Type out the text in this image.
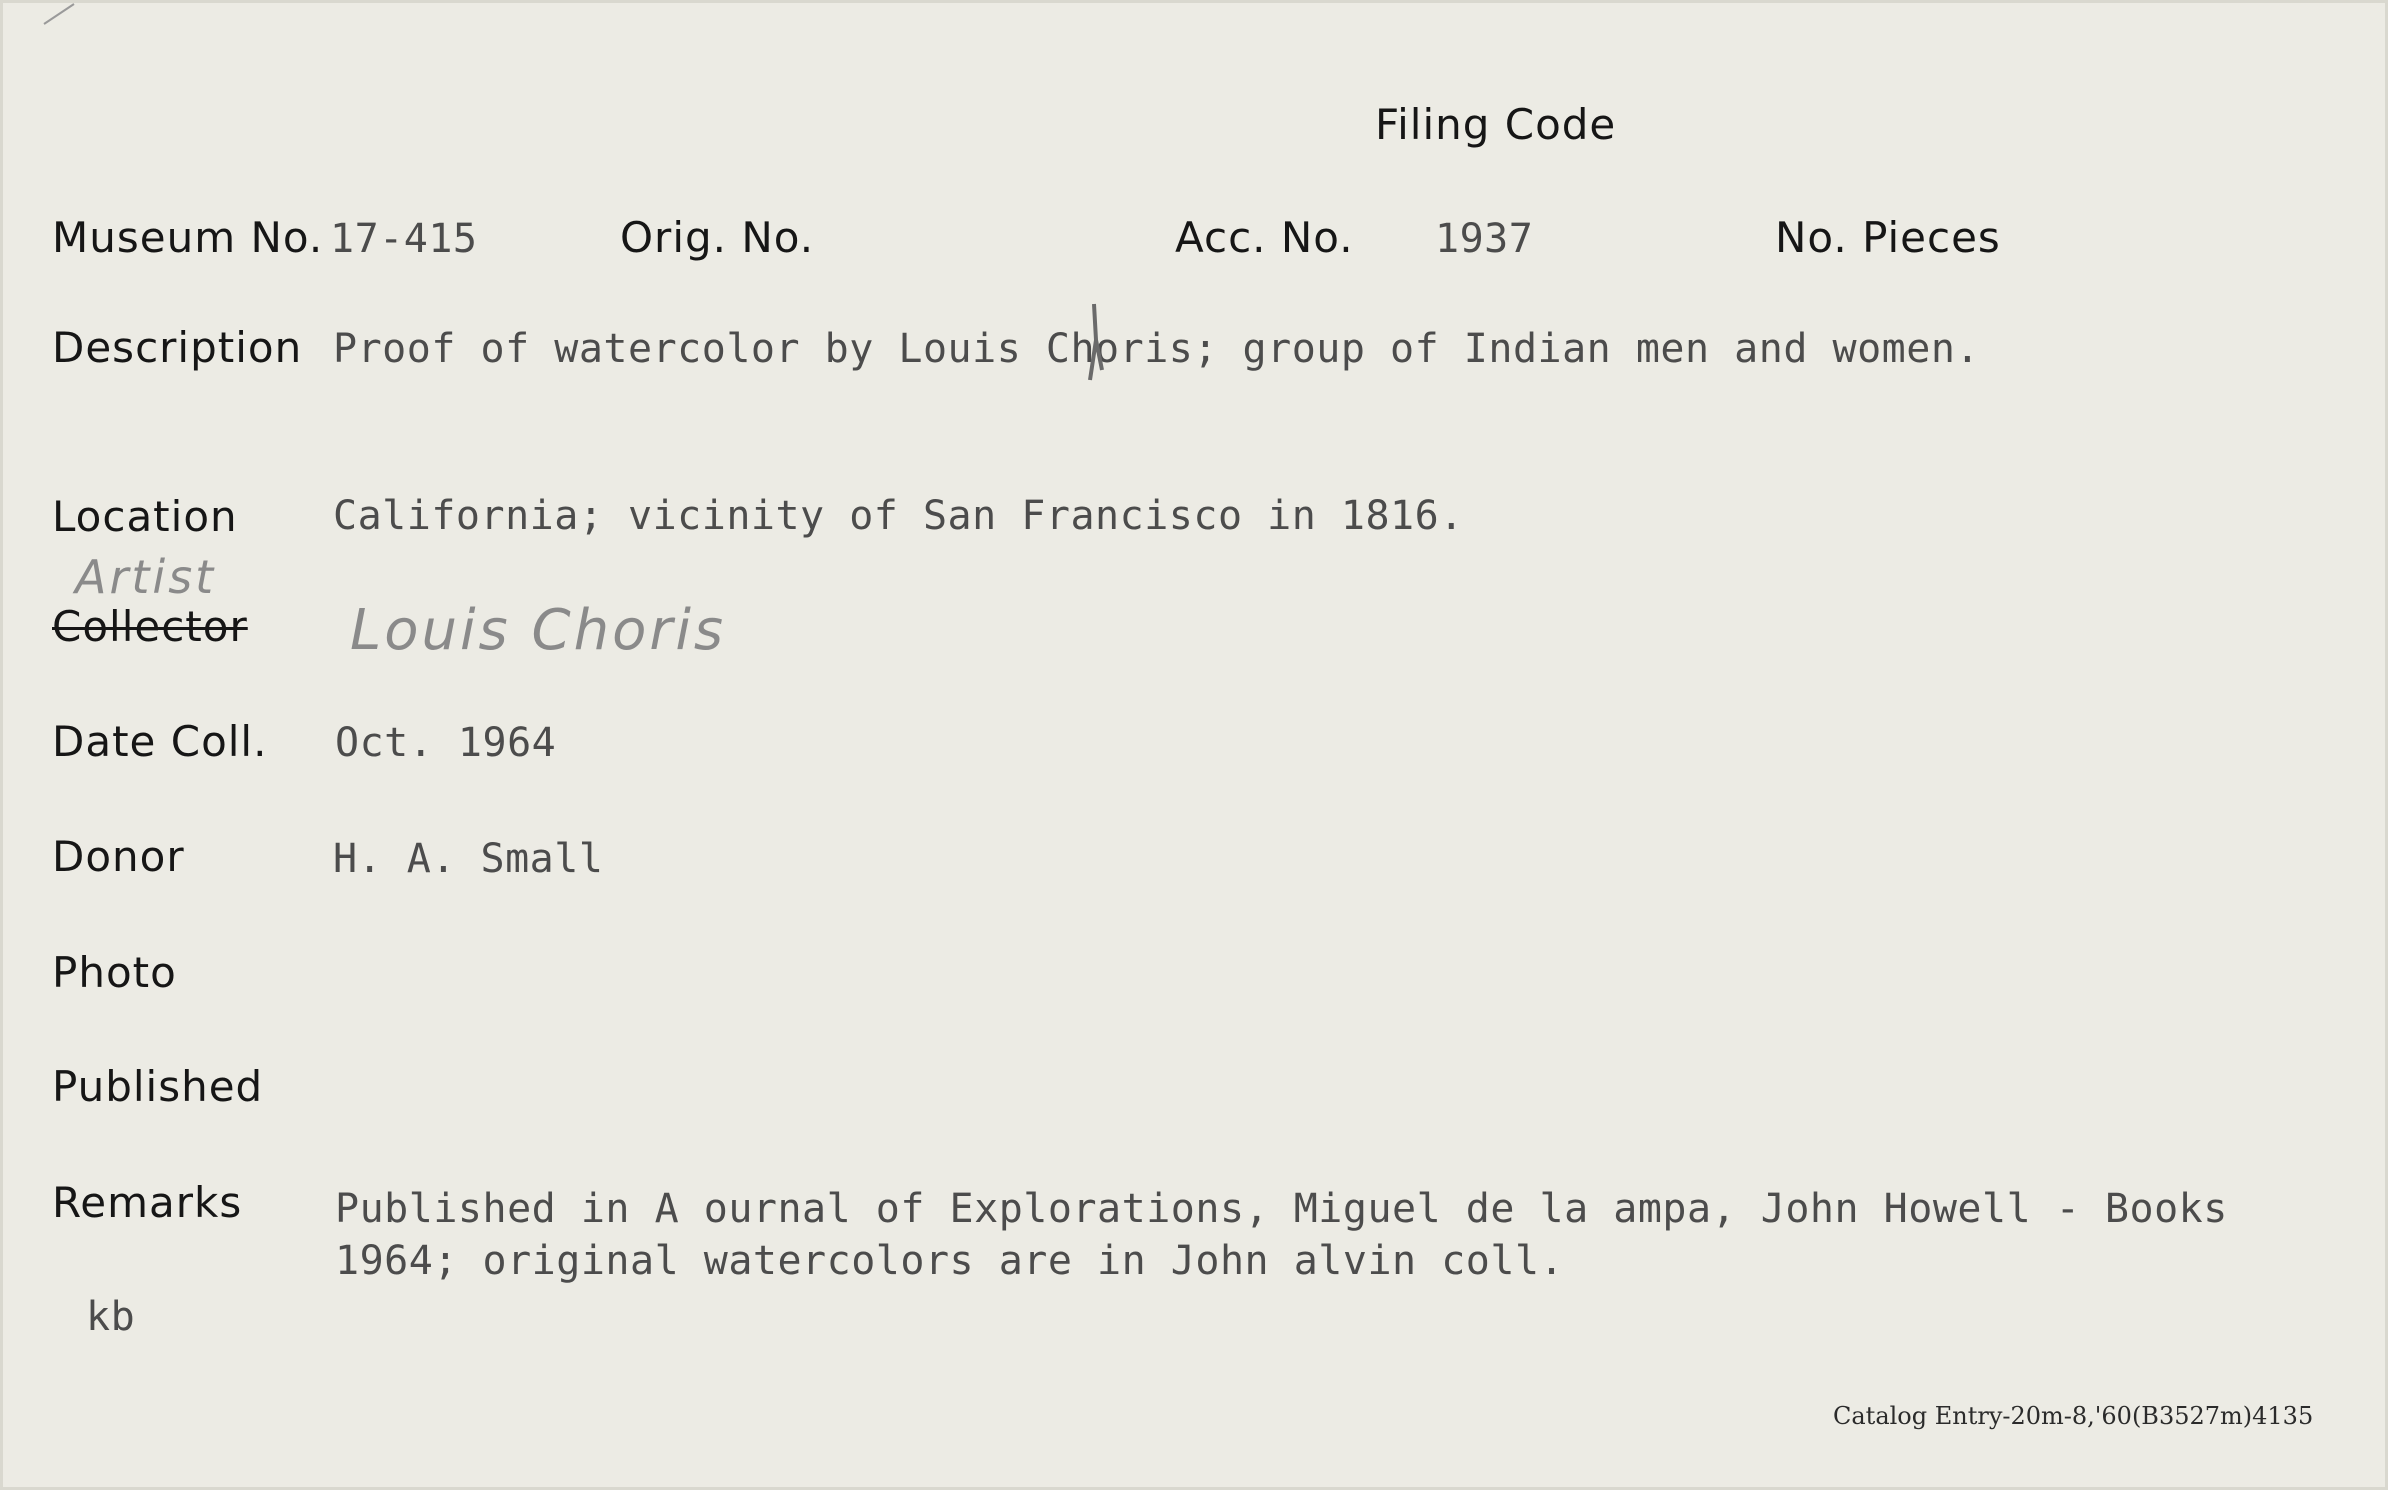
Filing Code
Museum No. 17-415	Orig. No.	Acc. No. 1937	No. Pieces
Description Proof of watercolor by Louis Choris; group of Indian men and women.
Location California; vicinity of San Francisco in 1816.
Artist
Collector Louis Choris
Date Coll. Oct. 1964
Donor	H. A. Small
Photo
Published
Remarks Published in A ournal of Explorations, Miguel de la ampa, John Howell - Books
1964; original watercolors are in John alvin coll.
kb
Catalog Entry-20m-8,'60(B3527m)4135
